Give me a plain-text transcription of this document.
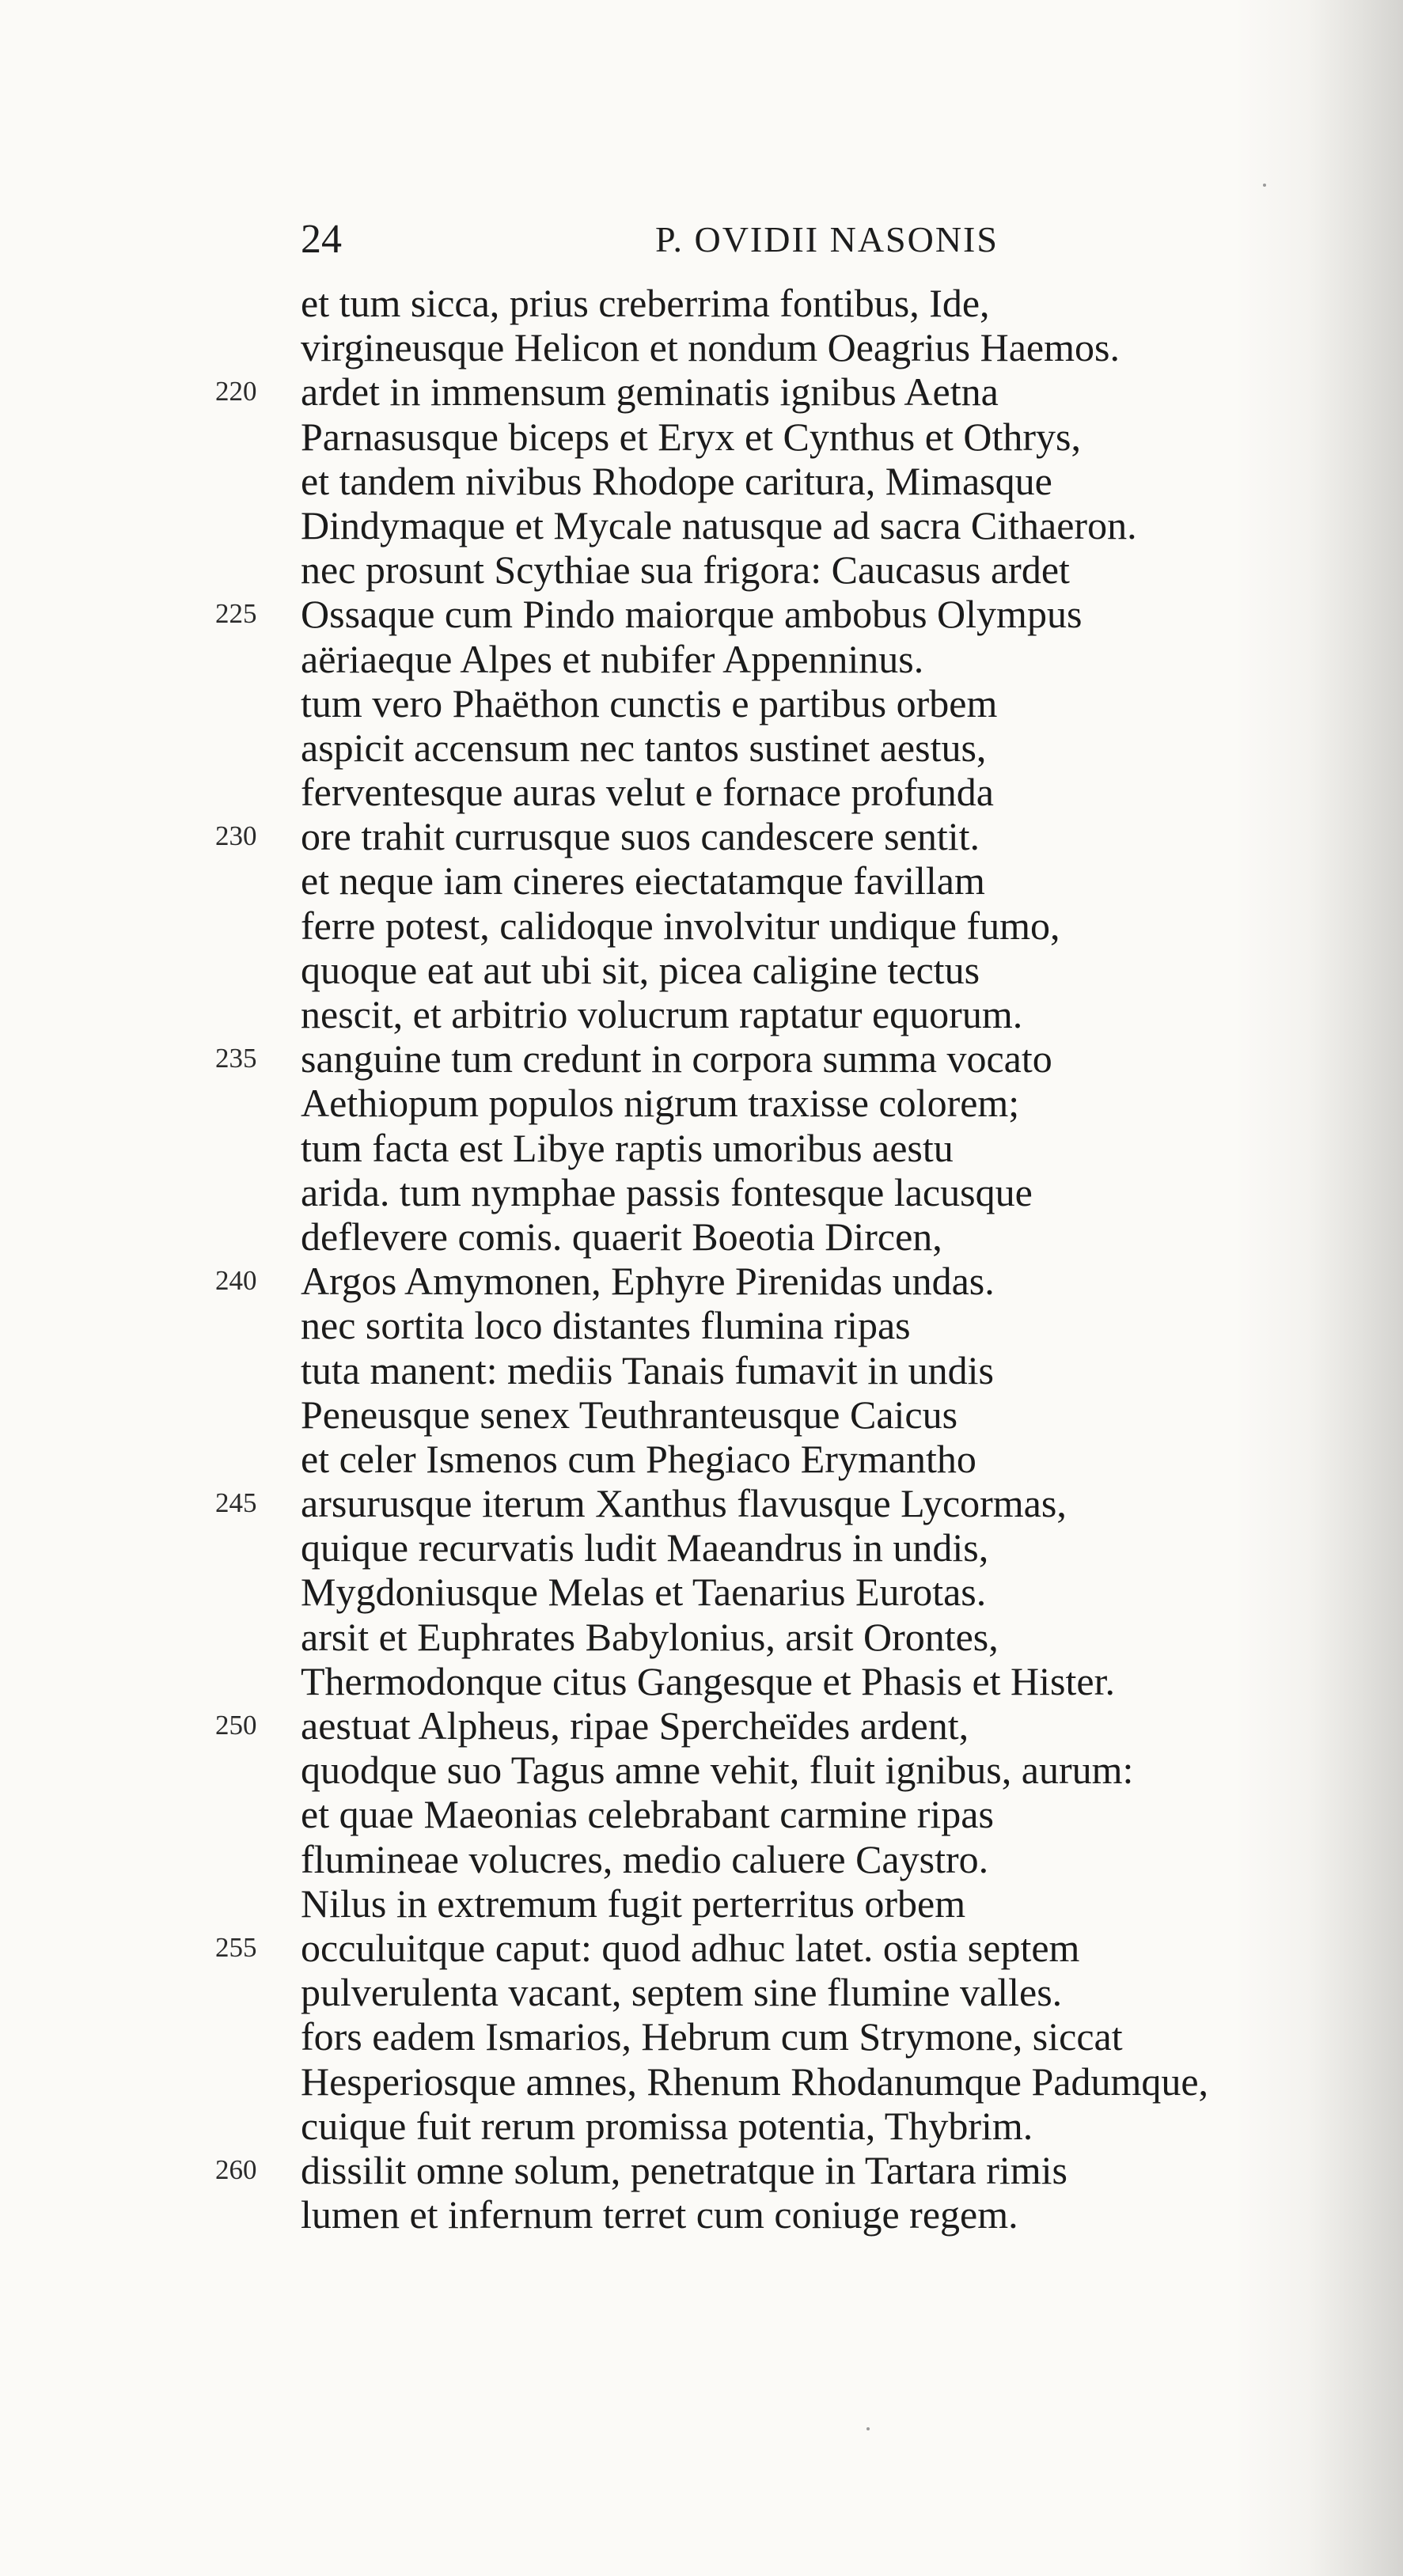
24	P. OVIDII NASONIS
et tum sicca, prius creberrima fontibus, Ide,
virgineusque Helicon et nondum Oeagrius Haemos.
220	ardet in immensum geminatis ignibus Aetna
Parnasusque biceps et Eryx et Cynthus et Othrys,
et tandem nivibus Rhodope caritura, Mimasque
Dindymaque et Mycale natusque ad sacra Cithaeron.
nec prosunt Scythiae sua frigora: Caucasus ardet
225	Ossaque cum Pindo maiorque ambobus Olympus
aëriaeque Alpes et nubifer Appenninus.
tum vero Phaëthon cunctis e partibus orbem
aspicit accensum nec tantos sustinet aestus,
ferventesque auras velut e fornace profunda
230	ore trahit currusque suos candescere sentit.
et neque iam cineres eiectatamque favillam
ferre potest, calidoque involvitur undique fumo,
quoque eat aut ubi sit, picea caligine tectus
nescit, et arbitrio volucrum raptatur equorum.
235	sanguine tum credunt in corpora summa vocato
Aethiopum populos nigrum traxisse colorem;
tum facta est Libye raptis umoribus aestu
arida. tum nymphae passis fontesque lacusque
deflevere comis. quaerit Boeotia Dircen,
240	Argos Amymonen, Ephyre Pirenidas undas.
nec sortita loco distantes flumina ripas
tuta manent: mediis Tanais fumavit in undis
Peneusque senex Teuthranteusque Caicus
et celer Ismenos cum Phegiaco Erymantho
245	arsurusque iterum Xanthus flavusque Lycormas,
quique recurvatis ludit Maeandrus in undis,
Mygdoniusque Melas et Taenarius Eurotas.
arsit et Euphrates Babylonius, arsit Orontes,
Thermodonque citus Gangesque et Phasis et Hister.
250	aestuat Alpheus, ripae Spercheïdes ardent,
quodque suo Tagus amne vehit, fluit ignibus, aurum:
et quae Maeonias celebrabant carmine ripas
flumineae volucres, medio caluere Caystro.
Nilus in extremum fugit perterritus orbem
255	occuluitque caput: quod adhuc latet. ostia septem
pulverulenta vacant, septem sine flumine valles.
fors eadem Ismarios, Hebrum cum Strymone, siccat
Hesperiosque amnes, Rhenum Rhodanumque Padumque,
cuique fuit rerum promissa potentia, Thybrim.
260	dissilit omne solum, penetratque in Tartara rimis
lumen et infernum terret cum coniuge regem.
